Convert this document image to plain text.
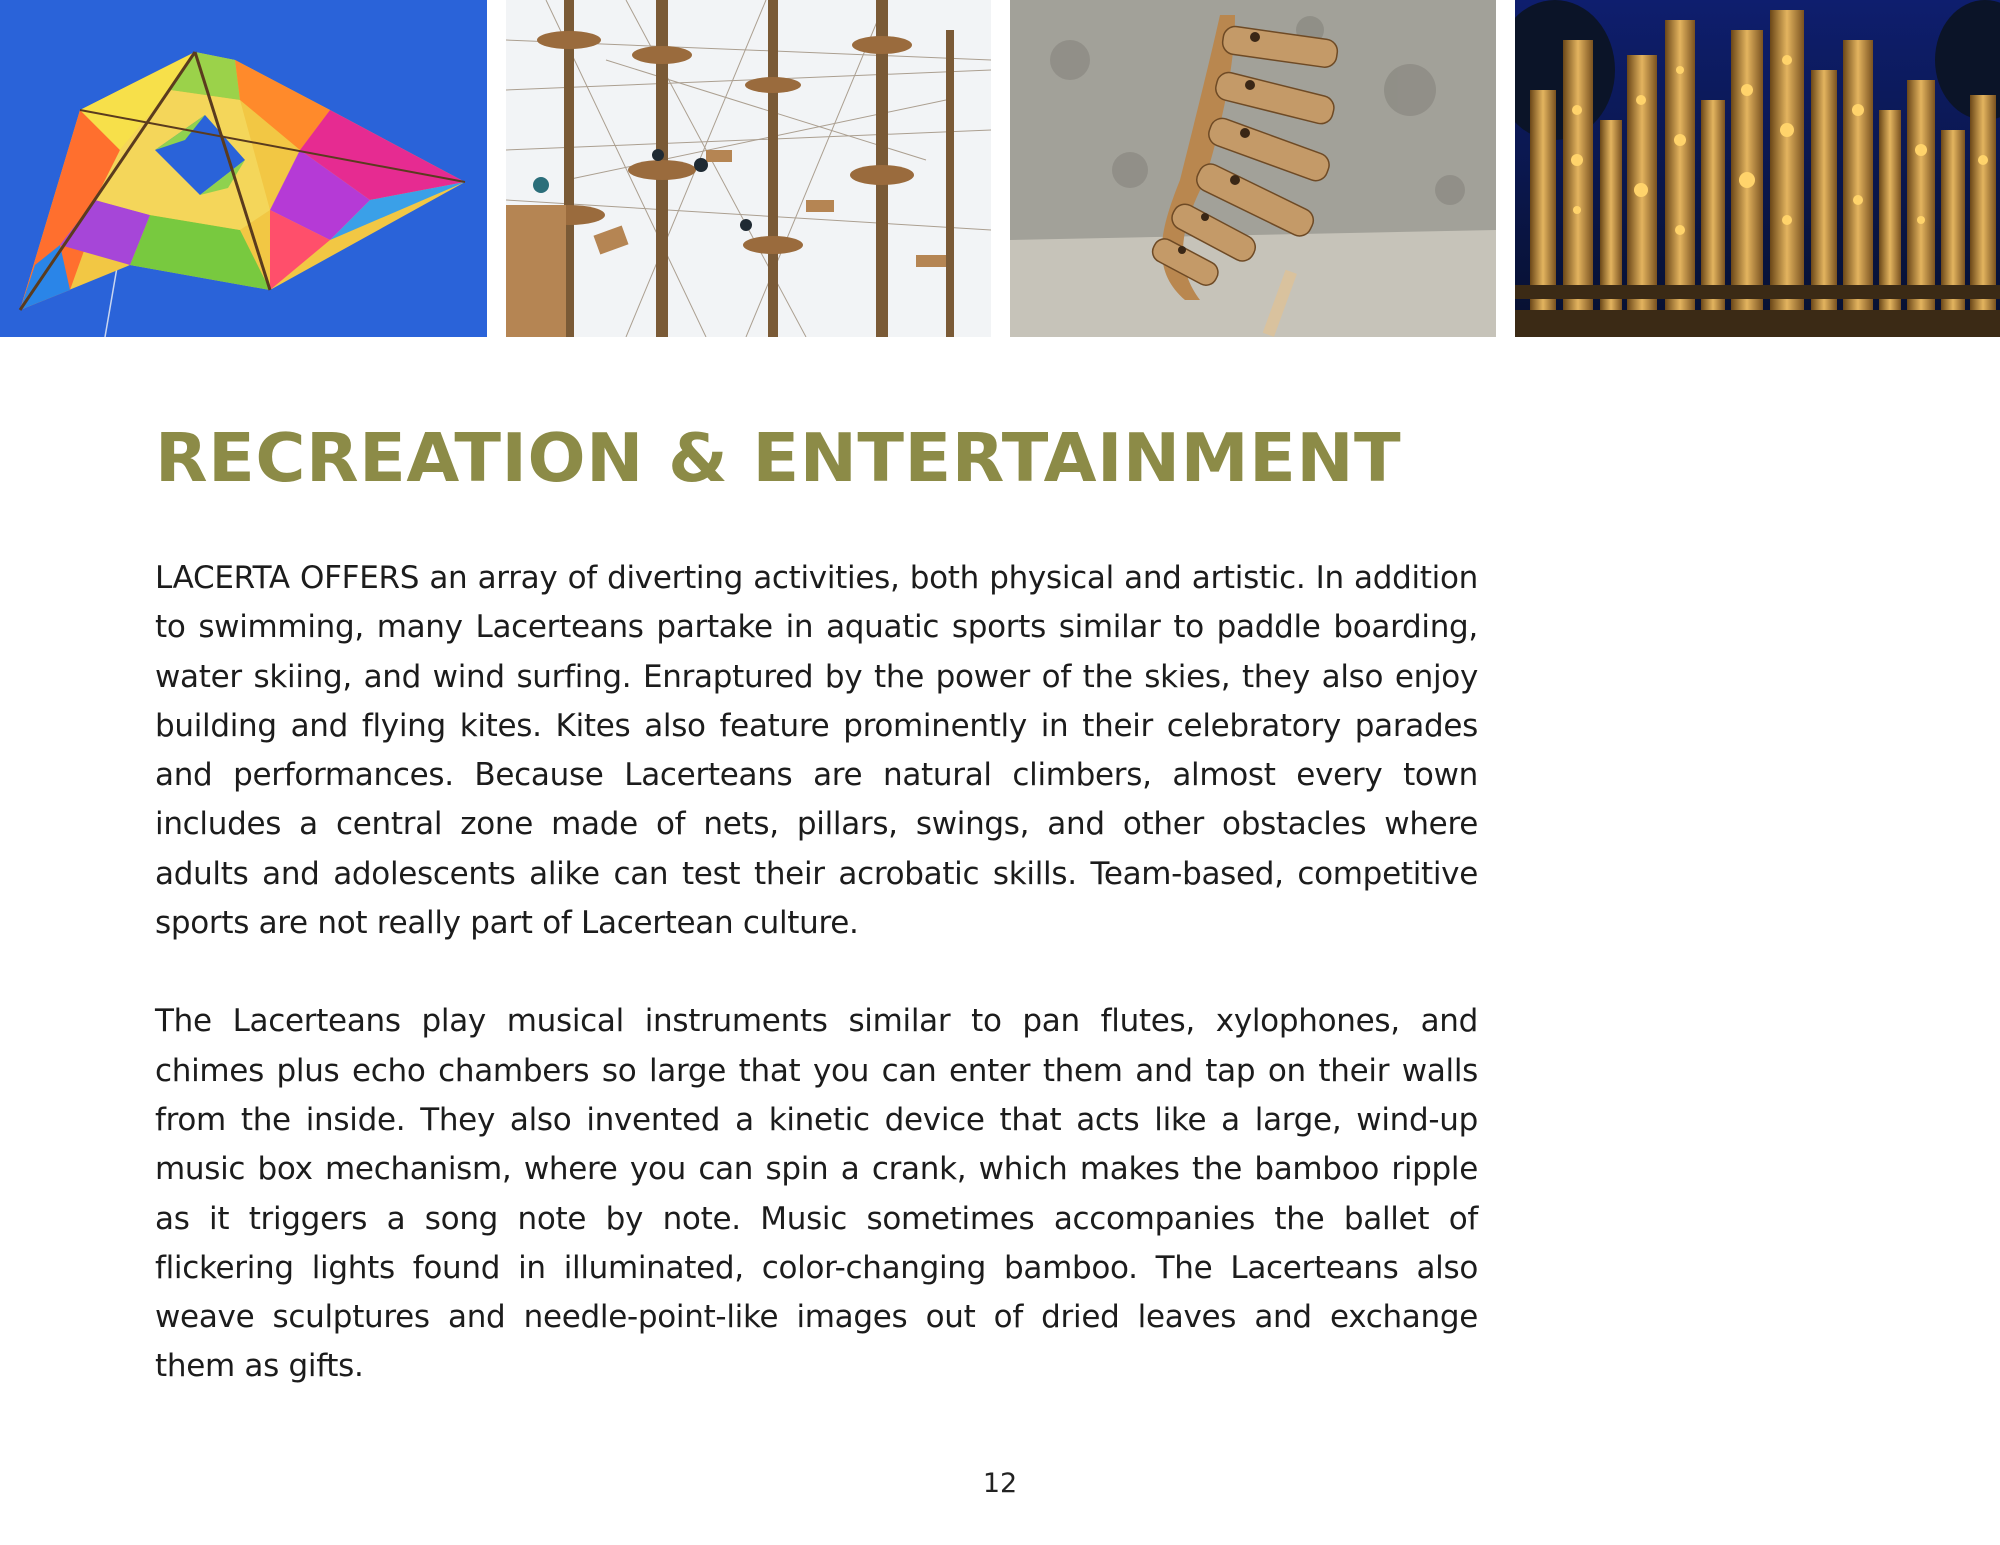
RECREATION & ENTERTAINMENT

LACERTA OFFERS an array of diverting activities, both physical and artistic. In addition to swimming, many Lacerteans partake in aquatic sports similar to paddle boarding, water skiing, and wind surfing. Enraptured by the power of the skies, they also enjoy building and flying kites. Kites also feature prominently in their celebratory parades and performances. Because Lacerteans are natural climbers, almost every town includes a central zone made of nets, pillars, swings, and other obstacles where adults and adolescents alike can test their acrobatic skills. Team-based, competitive sports are not really part of Lacertean culture.

The Lacerteans play musical instruments similar to pan flutes, xylophones, and chimes plus echo chambers so large that you can enter them and tap on their walls from the inside. They also invented a kinetic device that acts like a large, wind-up music box mechanism, where you can spin a crank, which makes the bamboo ripple as it triggers a song note by note. Music sometimes accompanies the ballet of flickering lights found in illuminated, color-changing bamboo. The Lacerteans also weave sculptures and needle-point-like images out of dried leaves and exchange them as gifts.

12
